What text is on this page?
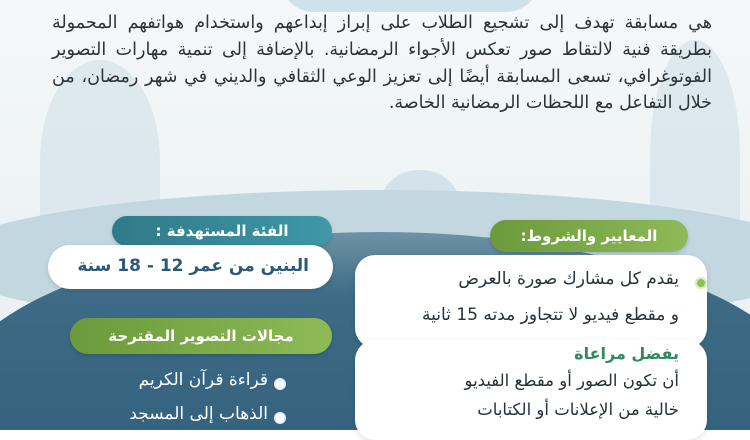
هي مسابقة تهدف إلى تشجيع الطلاب على إبراز إبداعهم واستخدام هواتفهم المحمولة بطريقة فنية لالتقاط صور تعكس الأجواء الرمضانية. بالإضافة إلى تنمية مهارات التصوير الفوتوغرافي، تسعى المسابقة أيضًا إلى تعزيز الوعي الثقافي والديني في شهر رمضان، من خلال التفاعل مع اللحظات الرمضانية الخاصة.

الفئة المستهدفة :
البنين من عمر 12 - 18 سنة
مجالات التصوير المقترحة
قراءة قرآن الكريم
الذهاب إلى المسجد
المعايير والشروط:
يقدم كل مشارك صورة بالعرض
و مقطع فيديو لا تتجاوز مدته 15 ثانية
يفضل مراعاة
أن تكون الصور أو مقطع الفيديو
خالية من الإعلانات أو الكتابات
